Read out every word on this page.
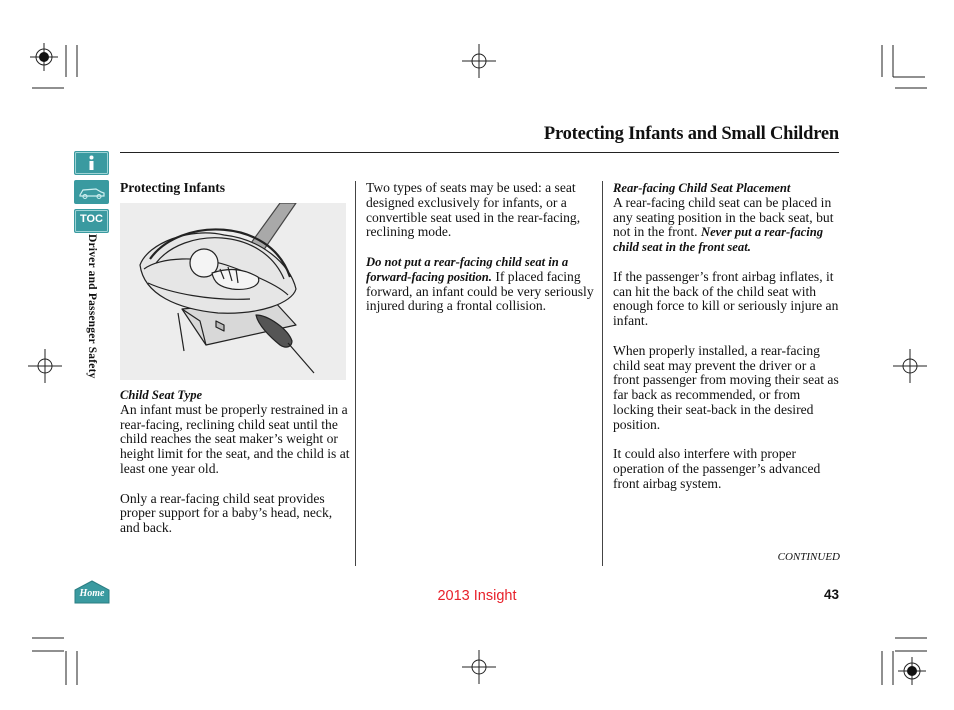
Protecting Infants and Small Children
TOC
Driver and Passenger Safety
Protecting Infants
Child Seat Type

An infant must be properly restrained in a rear-facing, reclining child seat until the child reaches the seat maker’s weight or height limit for the seat, and the child is at least one year old.

Only a rear-facing child seat provides proper support for a baby’s head, neck, and back.

Two types of seats may be used: a seat designed exclusively for infants, or a convertible seat used in the rear-facing, reclining mode.

Do not put a rear-facing child seat in a forward-facing position. If placed facing forward, an infant could be very seriously injured during a frontal collision.

Rear-facing Child Seat Placement

A rear-facing child seat can be placed in any seating position in the back seat, but not in the front. Never put a rear-facing child seat in the front seat.

If the passenger’s front airbag inflates, it can hit the back of the child seat with enough force to kill or seriously injure an infant.

When properly installed, a rear-facing child seat may prevent the driver or a front passenger from moving their seat as far back as recommended, or from locking their seat-back in the desired position.

It could also interfere with proper operation of the passenger’s advanced front airbag system.

CONTINUED
Home	2013 Insight	43
